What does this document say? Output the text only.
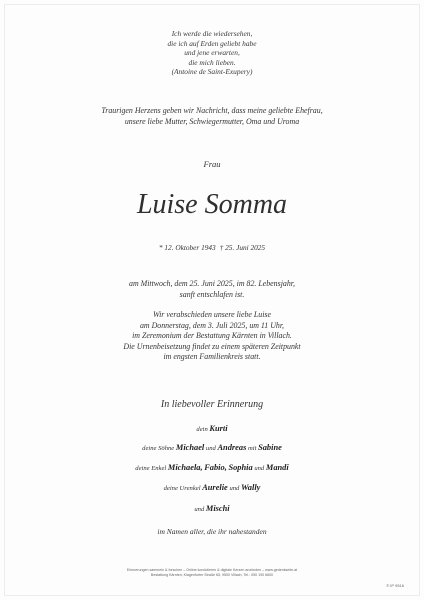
Ich werde die wiedersehen,
die ich auf Erden geliebt habe
und jene erwarten,
die mich lieben.
(Antoine de Saint-Exupery)
Traurigen Herzens geben wir Nachricht, dass meine geliebte Ehefrau,
unsere liebe Mutter, Schwiegermutter, Oma und Uroma
Frau
Luise Somma
* 12. Oktober 1943 † 25. Juni 2025
am Mittwoch, dem 25. Juni 2025, im 82. Lebensjahr,
sanft entschlafen ist.
Wir verabschieden unsere liebe Luise
am Donnerstag, dem 3. Juli 2025, um 11 Uhr,
im Zeremonium der Bestattung Kärnten in Villach.
Die Urnenbeisetzung findet zu einem späteren Zeitpunkt
im engsten Familienkreis statt.
In liebevoller Erinnerung
dein Kurti
deine Söhne Michael und Andreas mit Sabine
deine Enkel Michaela, Fabio, Sophia und Mandi
deine Urenkel Aurelie und Wally
und Mischi
im Namen aller, die ihr nahestanden
Erinnerungen sammeln & forschen – Online kondolieren & digitale Kerzen anzünden – www.gedenkseite.at
Bestattung Kärnten, Klagenfurter Straße 65, 9500 Villach, Tel.: 050 190 6600
© IP 9516
